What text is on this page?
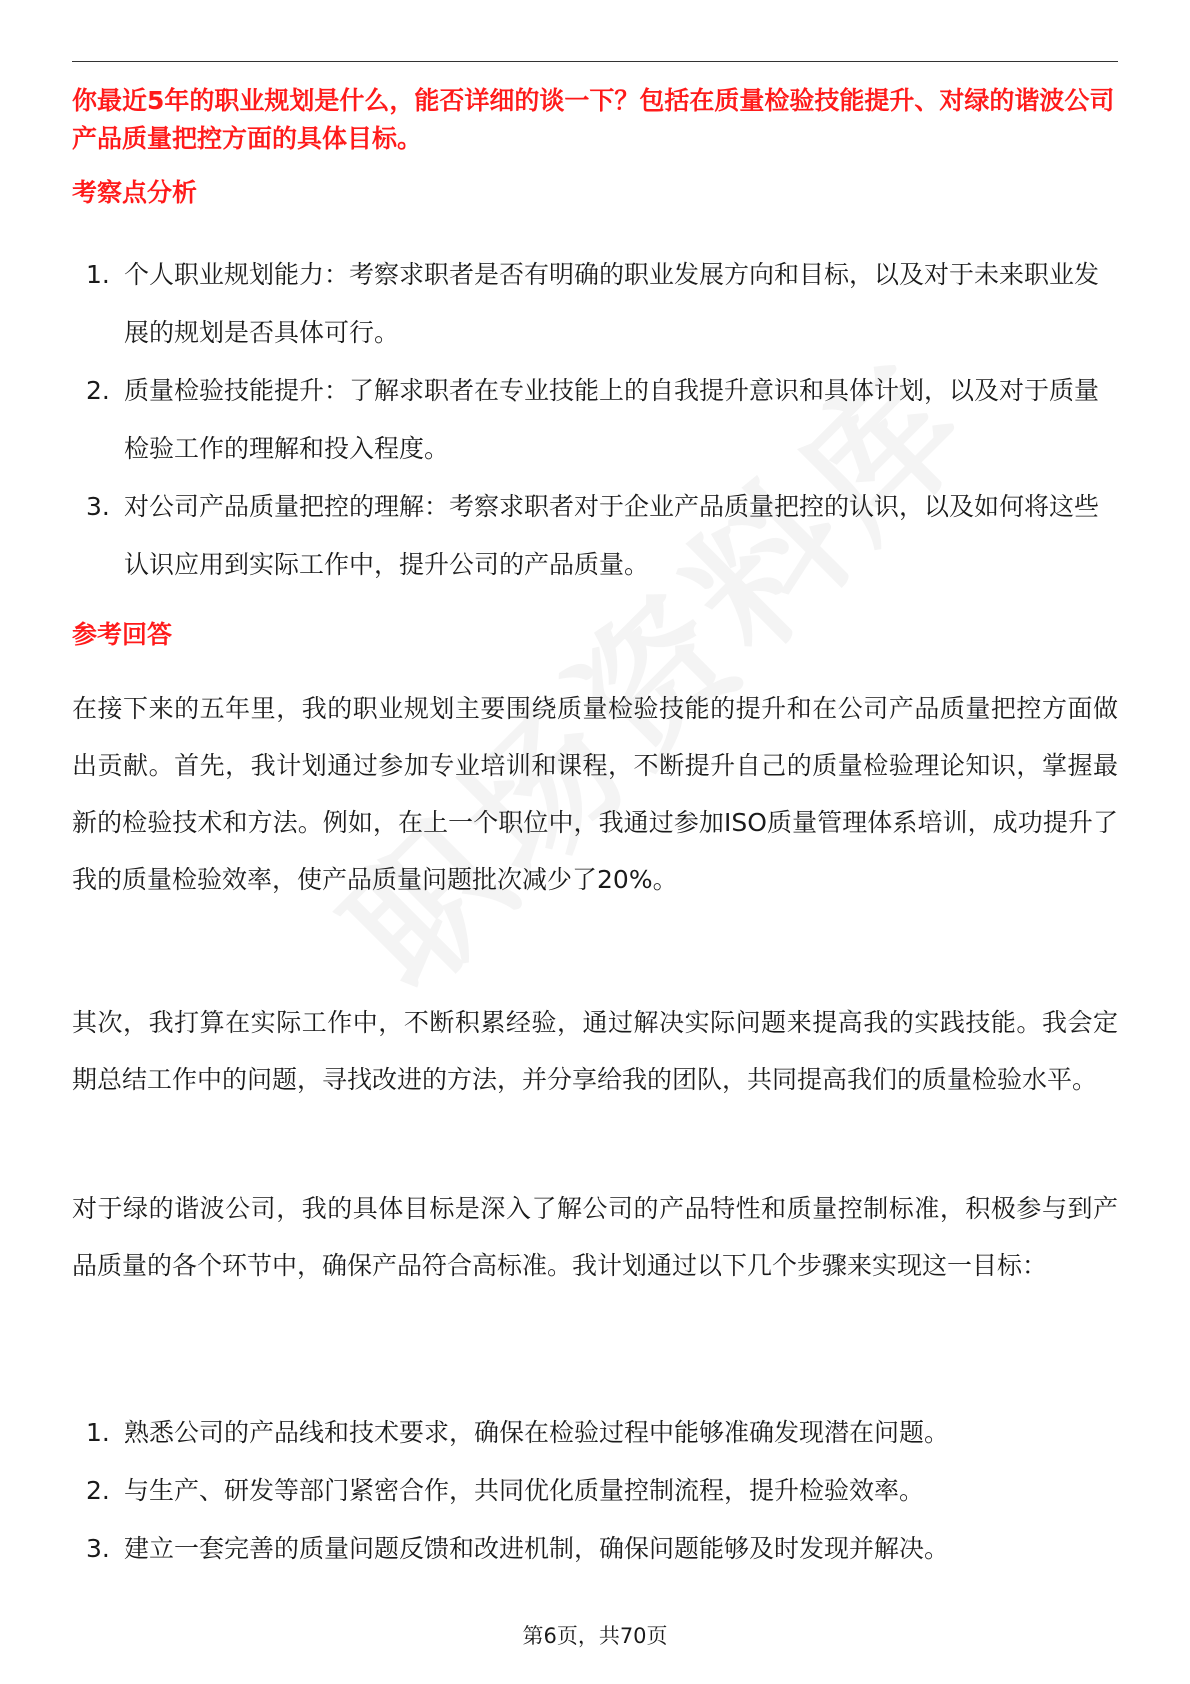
你最近5年的职业规划是什么，能否详细的谈一下？包括在质量检验技能提升、对绿的谐波公司产品质量把控方面的具体目标。

考察点分析
1. 个人职业规划能力：考察求职者是否有明确的职业发展方向和目标，以及对于未来职业发展的规划是否具体可行。
2. 质量检验技能提升：了解求职者在专业技能上的自我提升意识和具体计划，以及对于质量检验工作的理解和投入程度。
3. 对公司产品质量把控的理解：考察求职者对于企业产品质量把控的认识，以及如何将这些认识应用到实际工作中，提升公司的产品质量。
参考回答

在接下来的五年里，我的职业规划主要围绕质量检验技能的提升和在公司产品质量把控方面做出贡献。首先，我计划通过参加专业培训和课程，不断提升自己的质量检验理论知识，掌握最新的检验技术和方法。例如，在上一个职位中，我通过参加ISO质量管理体系培训，成功提升了我的质量检验效率，使产品质量问题批次减少了20%。

其次，我打算在实际工作中，不断积累经验，通过解决实际问题来提高我的实践技能。我会定期总结工作中的问题，寻找改进的方法，并分享给我的团队，共同提高我们的质量检验水平。

对于绿的谐波公司，我的具体目标是深入了解公司的产品特性和质量控制标准，积极参与到产品质量的各个环节中，确保产品符合高标准。我计划通过以下几个步骤来实现这一目标：

1. 熟悉公司的产品线和技术要求，确保在检验过程中能够准确发现潜在问题。
2. 与生产、研发等部门紧密合作，共同优化质量控制流程，提升检验效率。
3. 建立一套完善的质量问题反馈和改进机制，确保问题能够及时发现并解决。
第6页，共70页
